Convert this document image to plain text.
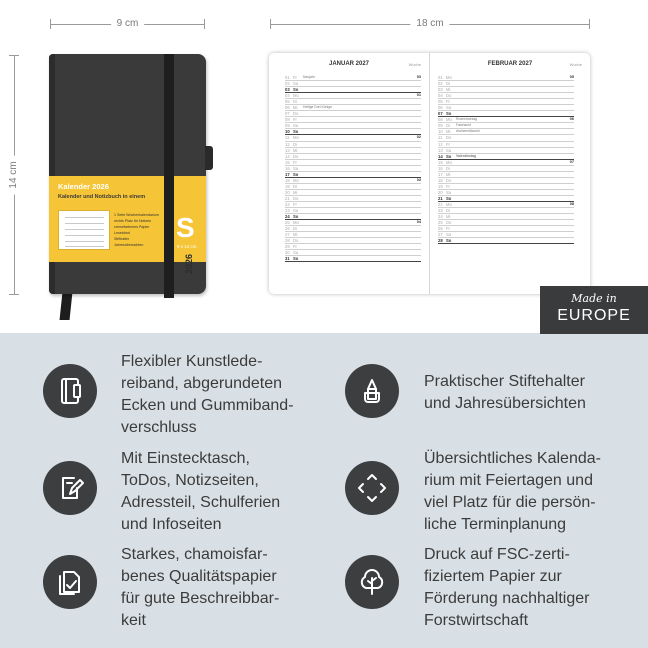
9 cm	18 cm
14 cm	Kalender 2026
Kalender und Notizbuch in einem
1 Seite Wochenkalendarium
rechts Platz für Notizen
cremefarbenes Papier
Lesebänd
Stifthalter
Jahresübersichten
S
9 x 14 cm
2026
JANUAR 2027	Woche
01 Fr	Neujahr	53
02 Sa
03 So
04 Mo	01
05 Di
06 Mi	Heilige Drei Könige
07 Do
08 Fr
09 Sa
10 So
11 Mo	02
12 Di
13 Mi
14 Do
15 Fr
16 Sa
17 So
18 Mo	03
19 Di
20 Mi
21 Do
22 Fr
23 Sa
24 So
25 Mo	04
26 Di
27 Mi
28 Do
29 Fr
30 Sa
31 So
FEBRUAR 2027	Woche
01 Mo	05
02 Di
03 Mi
04 Do
05 Fr
06 Sa
07 So
08 Mo	Rosenmontag	06
09 Di	Fastnacht
10 Mi	Aschermittwoch
11 Do
12 Fr
13 Sa
14 So	Valentinstag
15 Mo	07
16 Di
17 Mi
18 Do
19 Fr
20 Sa
21 So
22 Mo	08
23 Di
24 Mi
25 Do
26 Fr
27 Sa
28 So
Made in
EUROPE
Flexibler Kunstlede-
reiband, abgerundeten
Ecken und Gummiband-
verschluss
Praktischer Stiftehalter
und Jahresübersichten
Mit Einstecktasch,
ToDos, Notizseiten,
Adressteil, Schulferien
und Infoseiten
Übersichtliches Kalenda-
rium mit Feiertagen und
viel Platz für die persön-
liche Terminplanung
Starkes, chamoisfar-
benes Qualitätspapier
für gute Beschreibbar-
keit
Druck auf FSC-zerti-
fiziertem Papier zur
Förderung nachhaltiger
Forstwirtschaft
